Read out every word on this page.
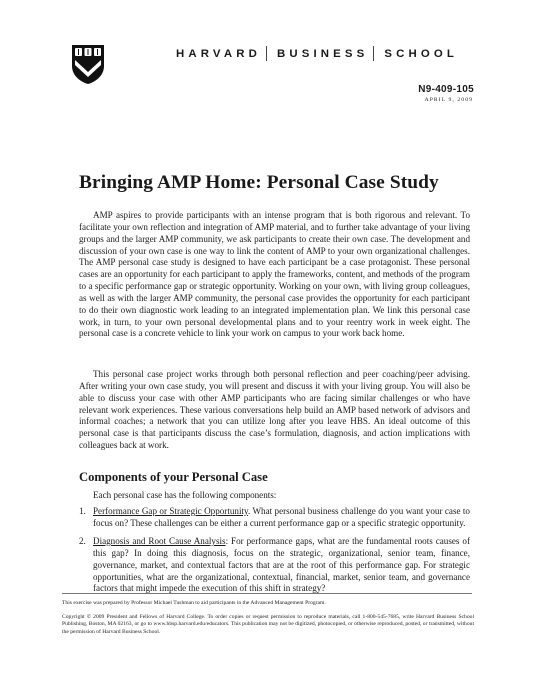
HARVARD BUSINESS SCHOOL
N9-409-105
APRIL 9, 2009
Bringing AMP Home: Personal Case Study

AMP aspires to provide participants with an intense program that is both rigorous and relevant. To facilitate your own reflection and integration of AMP material, and to further take advantage of your living groups and the larger AMP community, we ask participants to create their own case. The development and discussion of your own case is one way to link the content of AMP to your own organizational challenges. The AMP personal case study is designed to have each participant be a case protagonist. These personal cases are an opportunity for each participant to apply the frameworks, content, and methods of the program to a specific performance gap or strategic opportunity. Working on your own, with living group colleagues, as well as with the larger AMP community, the personal case provides the opportunity for each participant to do their own diagnostic work leading to an integrated implementation plan. We link this personal case work, in turn, to your own personal developmental plans and to your reentry work in week eight. The personal case is a concrete vehicle to link your work on campus to your work back home.

This personal case project works through both personal reflection and peer coaching/peer advising. After writing your own case study, you will present and discuss it with your living group. You will also be able to discuss your case with other AMP participants who are facing similar challenges or who have relevant work experiences. These various conversations help build an AMP based network of advisors and informal coaches; a network that you can utilize long after you leave HBS. An ideal outcome of this personal case is that participants discuss the case’s formulation, diagnosis, and action implications with colleagues back at work.

Components of your Personal Case
Each personal case has the following components:
1. Performance Gap or Strategic Opportunity. What personal business challenge do you want your case to focus on? These challenges can be either a current performance gap or a specific strategic opportunity.
2. Diagnosis and Root Cause Analysis: For performance gaps, what are the fundamental roots causes of this gap? In doing this diagnosis, focus on the strategic, organizational, senior team, finance, governance, market, and contextual factors that are at the root of this performance gap. For strategic opportunities, what are the organizational, contextual, financial, market, senior team, and governance factors that might impede the execution of this shift in strategy?

This exercise was prepared by Professor Michael Tushman to aid participants in the Advanced Management Program.

Copyright © 2009 President and Fellows of Harvard College. To order copies or request permission to reproduce materials, call 1-800-545-7685, write Harvard Business School Publishing, Boston, MA 02163, or go to www.hbsp.harvard.edu/educators. This publication may not be digitized, photocopied, or otherwise reproduced, posted, or transmitted, without the permission of Harvard Business School.
